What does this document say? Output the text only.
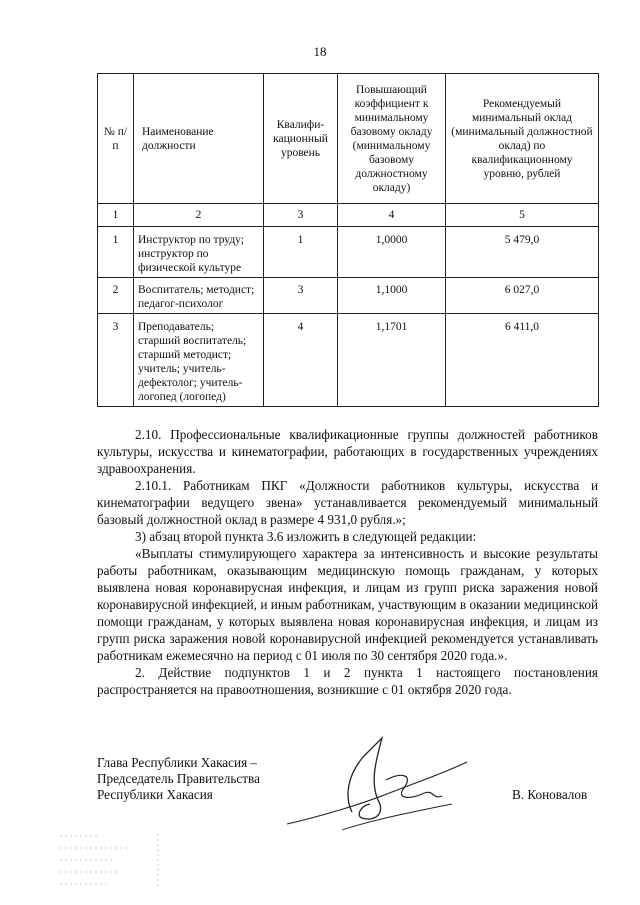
18
№ п/п	Наименование должности	Квалифи-кационный уровень	Повышающий коэффициент к минимальному базовому окладу (минимальному базовому должностному окладу)	Рекомендуемый минимальный оклад (минимальный должностной оклад) по квалификационному уровню, рублей
1	2	3	4	5
1	Инструктор по труду; инструктор по физической культуре	1	1,0000	5 479,0
2	Воспитатель; методист; педагог-психолог	3	1,1000	6 027,0
3	Преподаватель; старший воспитатель; старший методист; учитель; учитель-дефектолог; учитель-логопед (логопед)	4	1,1701	6 411,0

2.10. Профессиональные квалификационные группы должностей работников культуры, искусства и кинематографии, работающих в государственных учреждениях здравоохранения.

2.10.1. Работникам ПКГ «Должности работников культуры, искусства и кинематографии ведущего звена» устанавливается рекомендуемый минимальный базовый должностной оклад в размере 4 931,0 рубля.»;

3) абзац второй пункта 3.6 изложить в следующей редакции:

«Выплаты стимулирующего характера за интенсивность и высокие результаты работы работникам, оказывающим медицинскую помощь гражданам, у которых выявлена новая коронавирусная инфекция, и лицам из групп риска заражения новой коронавирусной инфекцией, и иным работникам, участвующим в оказании медицинской помощи гражданам, у которых выявлена новая коронавирусная инфекция, и лицам из групп риска заражения новой коронавирусной инфекцией рекомендуется устанавливать работникам ежемесячно на период с 01 июля по 30 сентября 2020 года.».

2. Действие подпунктов 1 и 2 пункта 1 настоящего постановления распространяется на правоотношения, возникшие с 01 октября 2020 года.

Глава Республики Хакасия –
Председатель Правительства
Республики Хакасия	В. Коновалов
